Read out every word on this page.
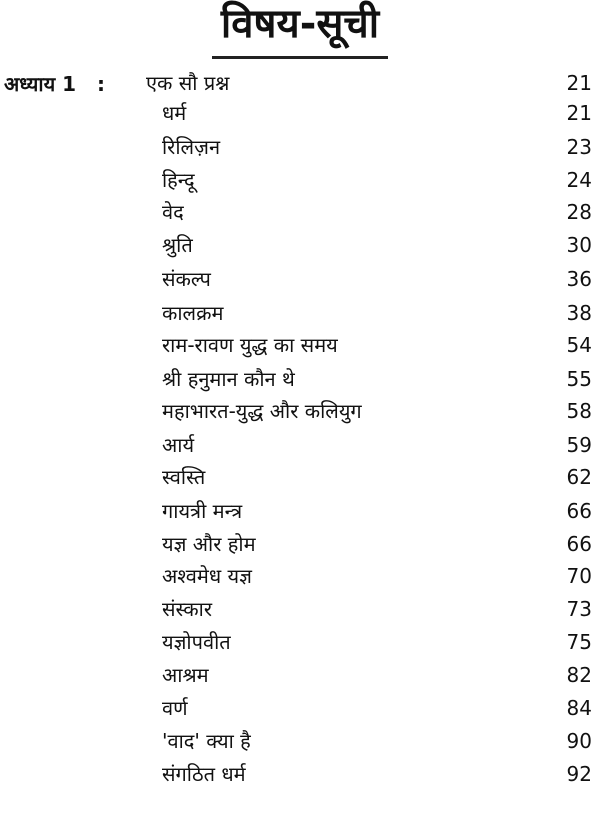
विषय-सूची
अध्याय 1 : एक सौ प्रश्न	21
धर्म	21
रिलिज़न	23
हिन्दू	24
वेद	28
श्रुति	30
संकल्प	36
कालक्रम	38
राम-रावण युद्ध का समय	54
श्री हनुमान कौन थे	55
महाभारत-युद्ध और कलियुग	58
आर्य	59
स्वस्ति	62
गायत्री मन्त्र	66
यज्ञ और होम	66
अश्वमेध यज्ञ	70
संस्कार	73
यज्ञोपवीत	75
आश्रम	82
वर्ण	84
'वाद' क्या है	90
संगठित धर्म	92
